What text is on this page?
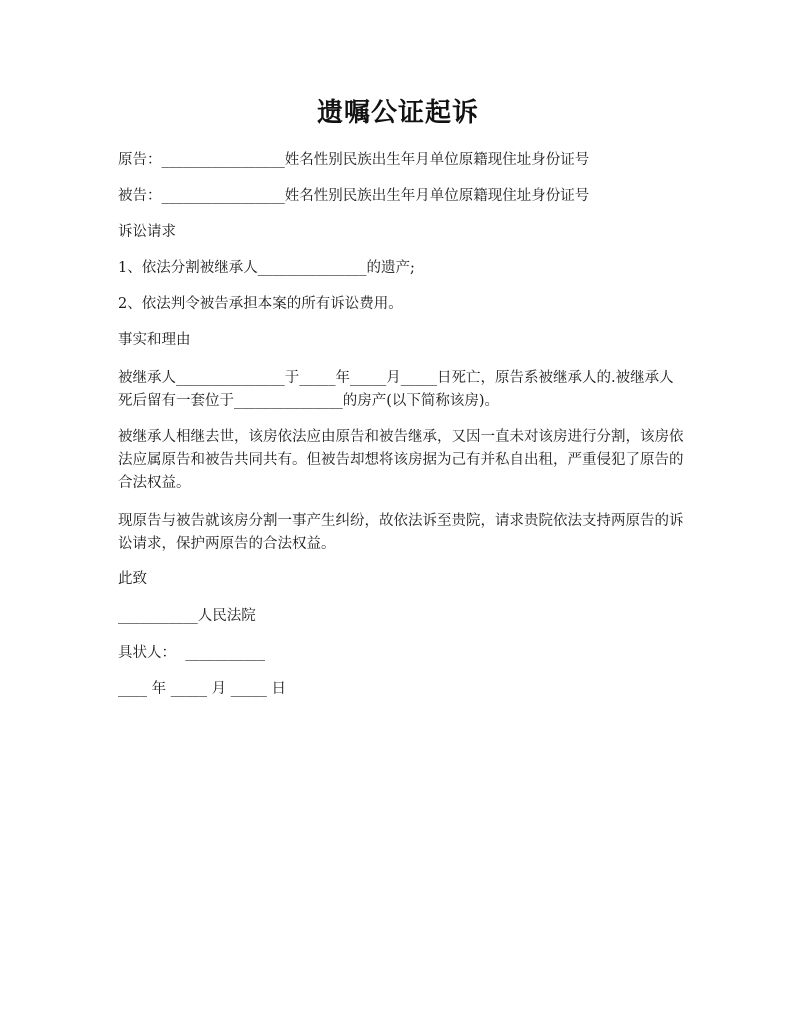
遗嘱公证起诉
原告：_________________姓名性别民族出生年月单位原籍现住址身份证号
被告：_________________姓名性别民族出生年月单位原籍现住址身份证号
诉讼请求
1、依法分割被继承人_______________的遗产;
2、依法判令被告承担本案的所有诉讼费用。
事实和理由
被继承人_______________于_____年_____月_____日死亡，原告系被继承人的.被继承人死后留有一套位于_______________的房产(以下简称该房)。
被继承人相继去世，该房依法应由原告和被告继承，又因一直未对该房进行分割，该房依法应属原告和被告共同共有。但被告却想将该房据为己有并私自出租，严重侵犯了原告的合法权益。
现原告与被告就该房分割一事产生纠纷，故依法诉至贵院，请求贵院依法支持两原告的诉讼请求，保护两原告的合法权益。
此致
___________人民法院
具状人：  ___________
____ 年 _____ 月 _____ 日
